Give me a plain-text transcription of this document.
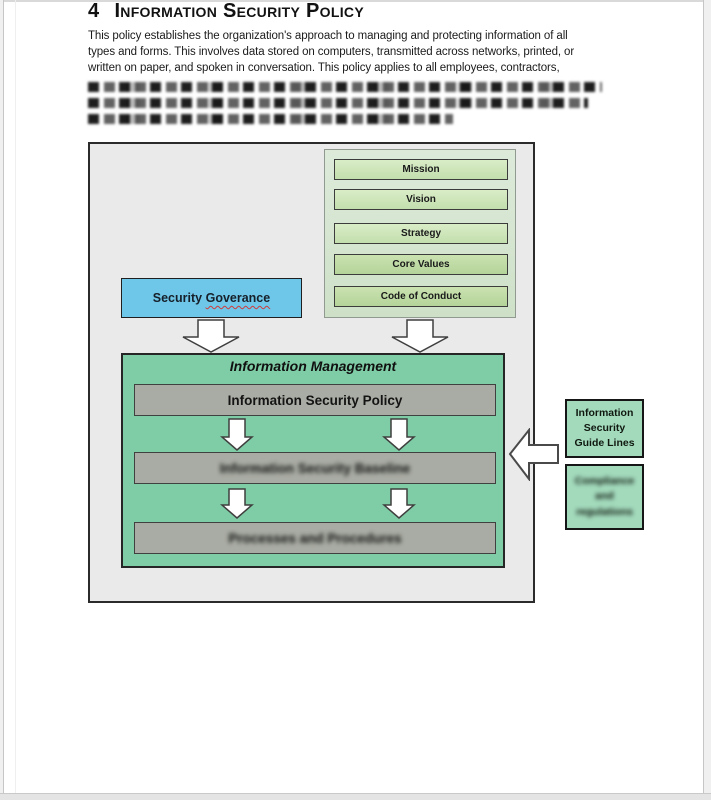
4 Information Security Policy
This policy establishes the organization's approach to managing and protecting information of all
types and forms. This involves data stored on computers, transmitted across networks, printed, or
written on paper, and spoken in conversation. This policy applies to all employees, contractors,
Mission
Vision
Strategy
Core Values
Code of Conduct
Security
Goverance
Information Management
Information Security Policy
Information Security Baseline
Processes and Procedures
Information Security Guide Lines
Compliance and regulations
